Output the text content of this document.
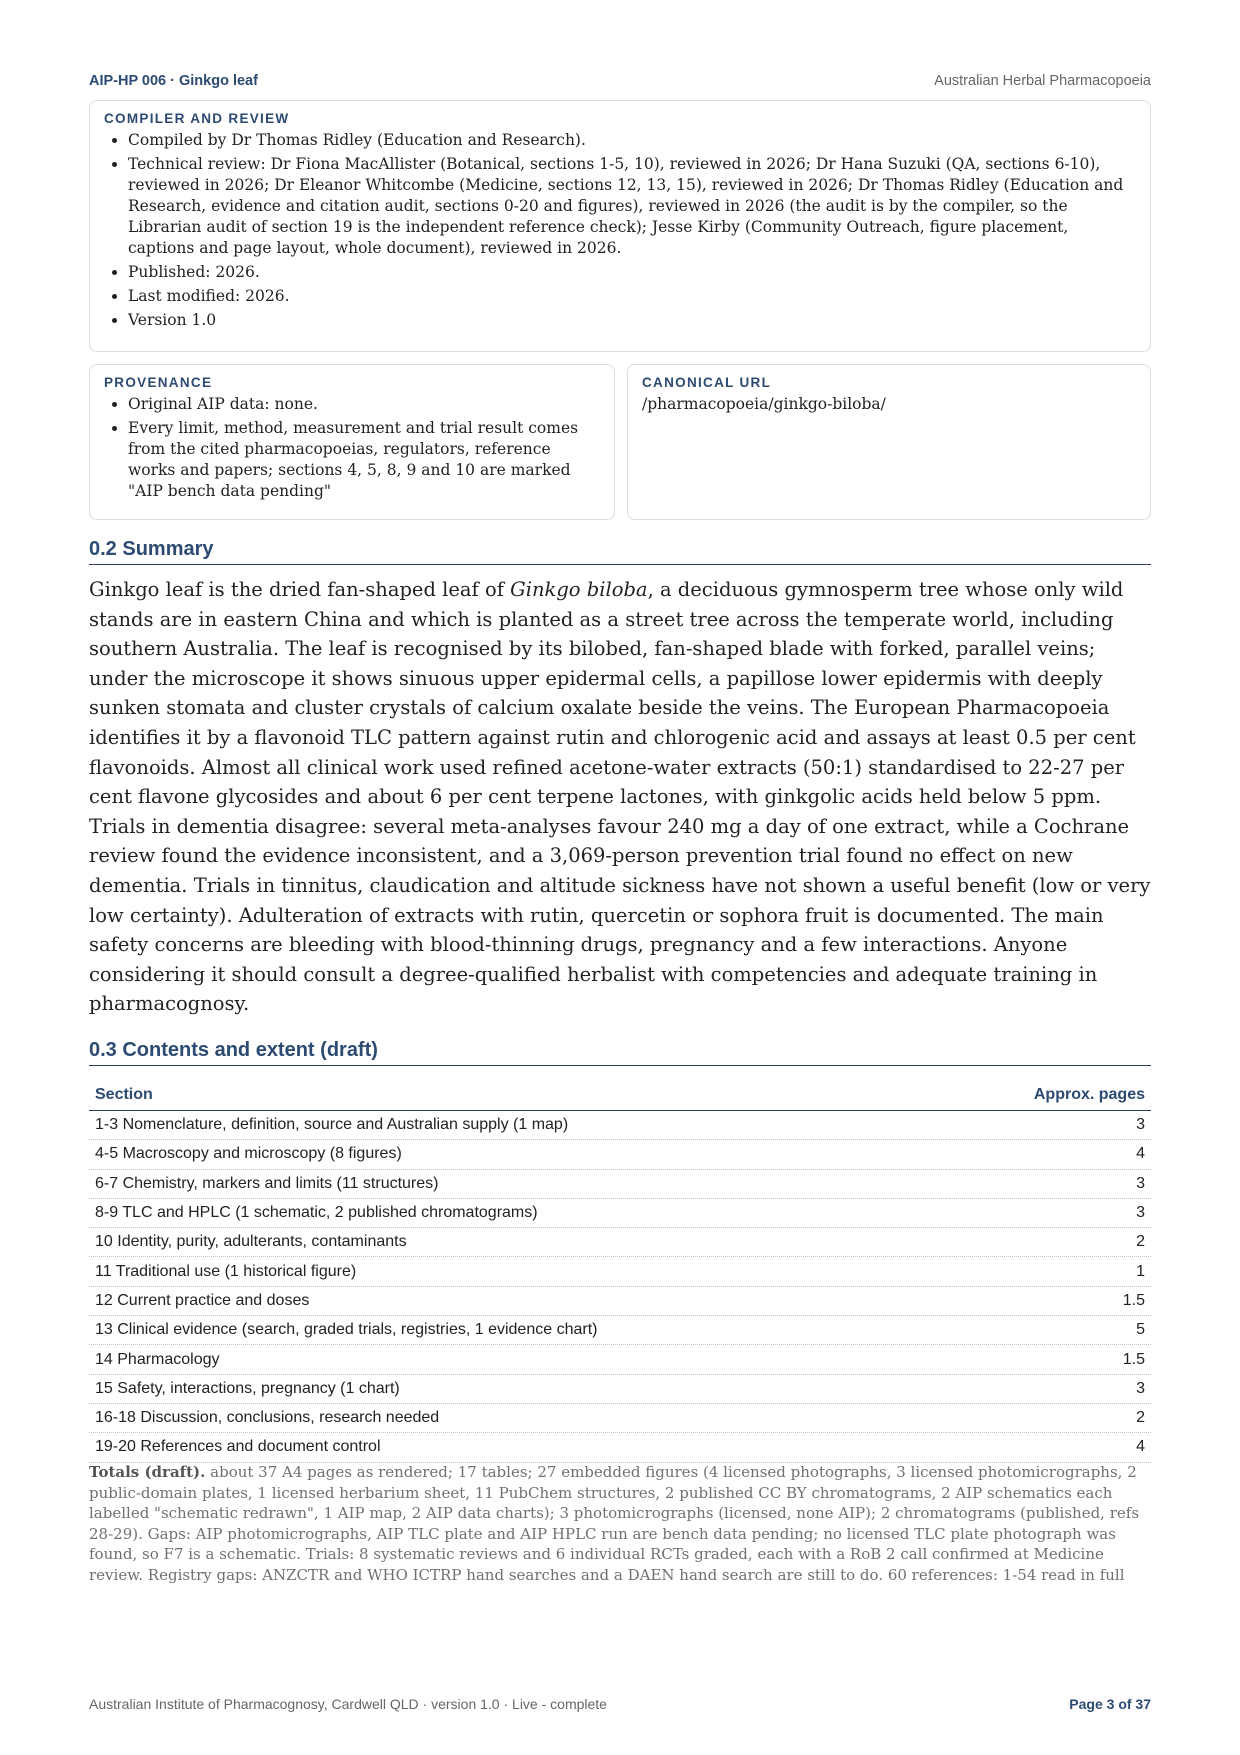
AIP-HP 006 · Ginkgo leaf	Australian Herbal Pharmacopoeia
COMPILER AND REVIEW
• Compiled by Dr Thomas Ridley (Education and Research).
• Technical review: Dr Fiona MacAllister (Botanical, sections 1-5, 10), reviewed in 2026; Dr Hana Suzuki (QA, sections 6-10), reviewed in 2026; Dr Eleanor Whitcombe (Medicine, sections 12, 13, 15), reviewed in 2026; Dr Thomas Ridley (Education and Research, evidence and citation audit, sections 0-20 and figures), reviewed in 2026 (the audit is by the compiler, so the Librarian audit of section 19 is the independent reference check); Jesse Kirby (Community Outreach, figure placement, captions and page layout, whole document), reviewed in 2026.
• Published: 2026.
• Last modified: 2026.
• Version 1.0
PROVENANCE
• Original AIP data: none.
• Every limit, method, measurement and trial result comes from the cited pharmacopoeias, regulators, reference works and papers; sections 4, 5, 8, 9 and 10 are marked "AIP bench data pending"
CANONICAL URL

/pharmacopoeia/ginkgo-biloba/

0.2 Summary

Ginkgo leaf is the dried fan-shaped leaf of Ginkgo biloba, a deciduous gymnosperm tree whose only wild stands are in eastern China and which is planted as a street tree across the temperate world, including southern Australia. The leaf is recognised by its bilobed, fan-shaped blade with forked, parallel veins; under the microscope it shows sinuous upper epidermal cells, a papillose lower epidermis with deeply sunken stomata and cluster crystals of calcium oxalate beside the veins. The European Pharmacopoeia identifies it by a flavonoid TLC pattern against rutin and chlorogenic acid and assays at least 0.5 per cent flavonoids. Almost all clinical work used refined acetone-water extracts (50:1) standardised to 22-27 per cent flavone glycosides and about 6 per cent terpene lactones, with ginkgolic acids held below 5 ppm. Trials in dementia disagree: several meta-analyses favour 240 mg a day of one extract, while a Cochrane review found the evidence inconsistent, and a 3,069-person prevention trial found no effect on new dementia. Trials in tinnitus, claudication and altitude sickness have not shown a useful benefit (low or very low certainty). Adulteration of extracts with rutin, quercetin or sophora fruit is documented. The main safety concerns are bleeding with blood-thinning drugs, pregnancy and a few interactions. Anyone considering it should consult a degree-qualified herbalist with competencies and adequate training in pharmacognosy.

0.3 Contents and extent (draft)
Section	Approx. pages
1-3 Nomenclature, definition, source and Australian supply (1 map)	3
4-5 Macroscopy and microscopy (8 figures)	4
6-7 Chemistry, markers and limits (11 structures)	3
8-9 TLC and HPLC (1 schematic, 2 published chromatograms)	3
10 Identity, purity, adulterants, contaminants	2
11 Traditional use (1 historical figure)	1
12 Current practice and doses	1.5
13 Clinical evidence (search, graded trials, registries, 1 evidence chart)	5
14 Pharmacology	1.5
15 Safety, interactions, pregnancy (1 chart)	3
16-18 Discussion, conclusions, research needed	2
19-20 References and document control	4

Totals (draft). about 37 A4 pages as rendered; 17 tables; 27 embedded figures (4 licensed photographs, 3 licensed photomicrographs, 2 public-domain plates, 1 licensed herbarium sheet, 11 PubChem structures, 2 published CC BY chromatograms, 2 AIP schematics each labelled "schematic redrawn", 1 AIP map, 2 AIP data charts); 3 photomicrographs (licensed, none AIP); 2 chromatograms (published, refs 28-29). Gaps: AIP photomicrographs, AIP TLC plate and AIP HPLC run are bench data pending; no licensed TLC plate photograph was found, so F7 is a schematic. Trials: 8 systematic reviews and 6 individual RCTs graded, each with a RoB 2 call confirmed at Medicine review. Registry gaps: ANZCTR and WHO ICTRP hand searches and a DAEN hand search are still to do. 60 references: 1-54 read in full

Australian Institute of Pharmacognosy, Cardwell QLD · version 1.0 · Live - complete	Page 3 of 37
